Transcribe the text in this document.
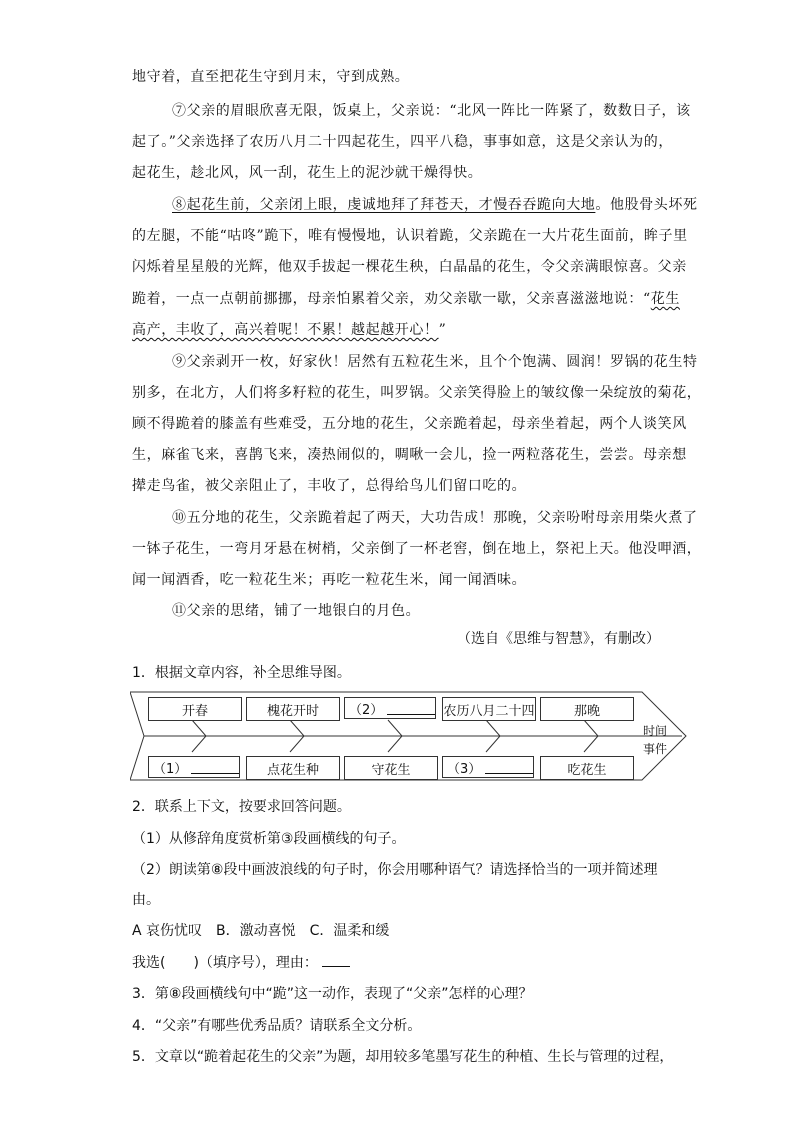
地守着，直至把花生守到月末，守到成熟。
⑦父亲的眉眼欣喜无限，饭桌上，父亲说：“北风一阵比一阵紧了，数数日子，该
起了。”父亲选择了农历八月二十四起花生，四平八稳，事事如意，这是父亲认为的，
起花生，趁北风，风一刮，花生上的泥沙就干燥得快。
⑧起花生前，父亲闭上眼，虔诚地拜了拜苍天，才慢吞吞跪向大地。他股骨头坏死
的左腿，不能“咕咚”跪下，唯有慢慢地，认识着跪，父亲跪在一大片花生面前，眸子里
闪烁着星星般的光辉，他双手拔起一棵花生秧，白晶晶的花生，令父亲满眼惊喜。父亲
跪着，一点一点朝前挪挪，母亲怕累着父亲，劝父亲歇一歇，父亲喜滋滋地说：“花生
高产，丰收了，高兴着呢！不累！越起越开心！”
⑨父亲剥开一枚，好家伙！居然有五粒花生米，且个个饱满、圆润！罗锅的花生特
别多，在北方，人们将多籽粒的花生，叫罗锅。父亲笑得脸上的皱纹像一朵绽放的菊花，
顾不得跪着的膝盖有些难受，五分地的花生，父亲跪着起，母亲坐着起，两个人谈笑风
生，麻雀飞来，喜鹊飞来，凑热闹似的，啁啾一会儿，捡一两粒落花生，尝尝。母亲想
撵走鸟雀，被父亲阻止了，丰收了，总得给鸟儿们留口吃的。
⑩五分地的花生，父亲跪着起了两天，大功告成！那晚，父亲吩咐母亲用柴火煮了
一钵子花生，一弯月牙悬在树梢，父亲倒了一杯老窖，倒在地上，祭祀上天。他没呷酒，
闻一闻酒香，吃一粒花生米；再吃一粒花生米，闻一闻酒味。
⑪父亲的思绪，铺了一地银白的月色。
（选自《思维与智慧》，有删改）
1．根据文章内容，补全思维导图。
时间
事件
开春	槐花开时	（2）	农历八月二十四	那晚
（1）	点花生种	守花生	（3）	吃花生
2．联系上下文，按要求回答问题。
（1）从修辞角度赏析第③段画横线的句子。
（2）朗读第⑧段中画波浪线的句子时，你会用哪种语气？请选择恰当的一项并简述理
由。
A 哀伤忧叹　B．激动喜悦　C．温柔和缓
我选(　　)（填序号），理由：
3．第⑧段画横线句中“跪”这一动作，表现了“父亲”怎样的心理？
4．“父亲”有哪些优秀品质？请联系全文分析。
5．文章以“跪着起花生的父亲”为题，却用较多笔墨写花生的种植、生长与管理的过程，
